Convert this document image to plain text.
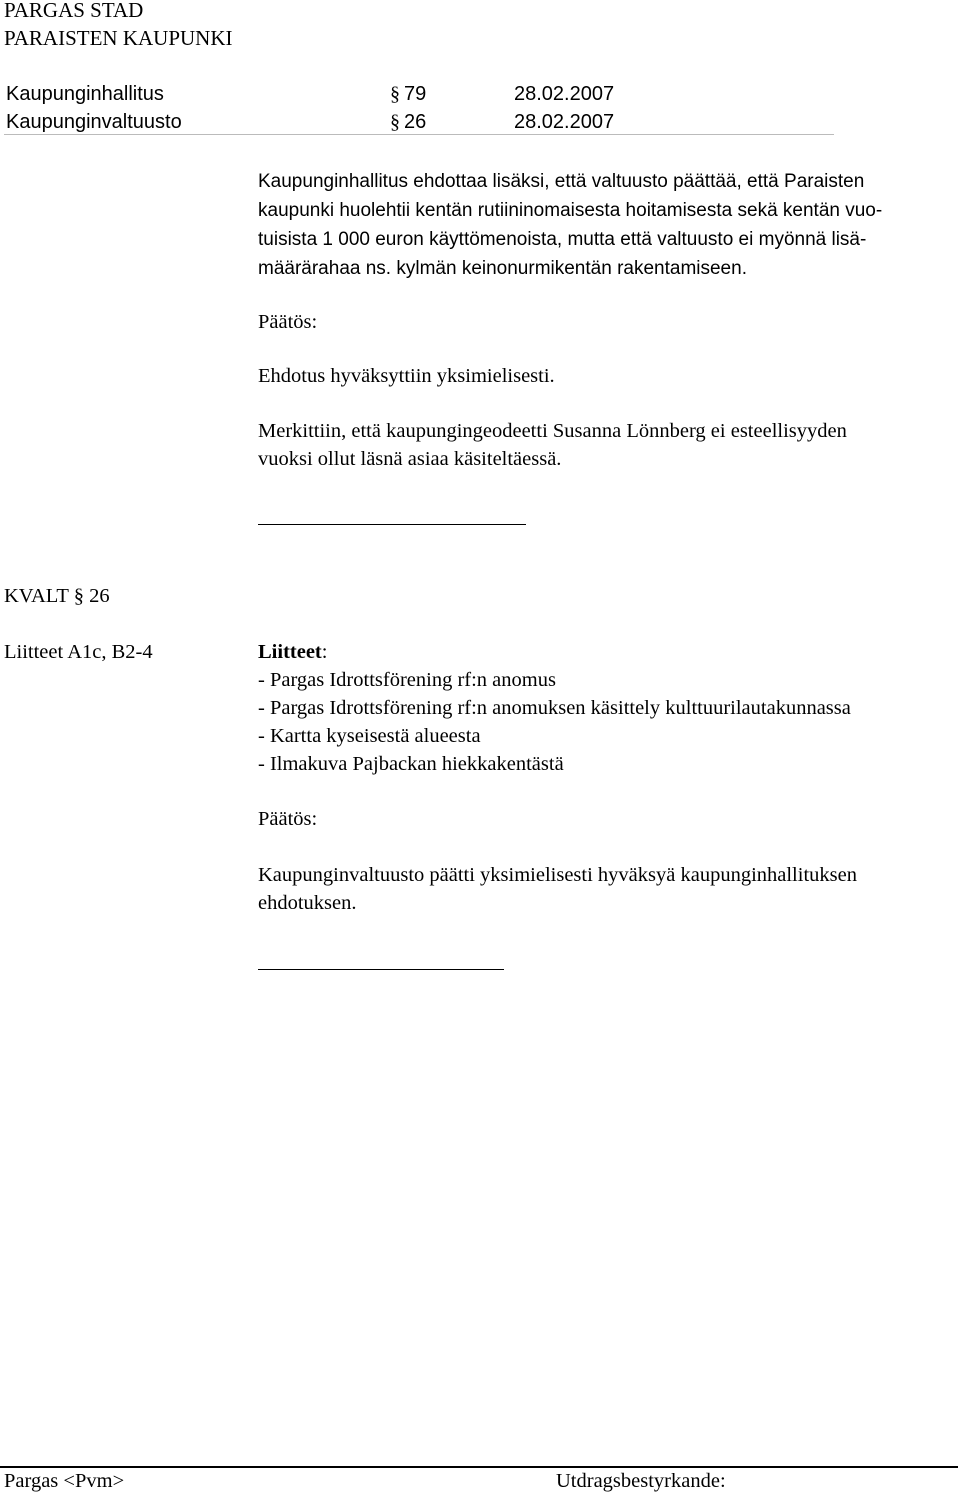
PARGAS STAD
PARAISTEN KAUPUNKI
Kaupunginhallitus	§ 79	28.02.2007
Kaupunginvaltuusto	§ 26	28.02.2007
Kaupunginhallitus ehdottaa lisäksi, että valtuusto päättää, että Paraisten
kaupunki huolehtii kentän rutiininomaisesta hoitamisesta sekä kentän vuo-
tuisista 1 000 euron käyttömenoista, mutta että valtuusto ei myönnä lisä-
määrärahaa ns. kylmän keinonurmikentän rakentamiseen.
Päätös:
Ehdotus hyväksyttiin yksimielisesti.
Merkittiin, että kaupungingeodeetti Susanna Lönnberg ei esteellisyyden
vuoksi ollut läsnä asiaa käsiteltäessä.
KVALT § 26
Liitteet A1c, B2-4	Liitteet:
- Pargas Idrottsförening rf:n anomus
- Pargas Idrottsförening rf:n anomuksen käsittely kulttuurilautakunnassa
- Kartta kyseisestä alueesta
- Ilmakuva Pajbackan hiekkakentästä
Päätös:
Kaupunginvaltuusto päätti yksimielisesti hyväksyä kaupunginhallituksen
ehdotuksen.
Pargas <Pvm>	Utdragsbestyrkande:
